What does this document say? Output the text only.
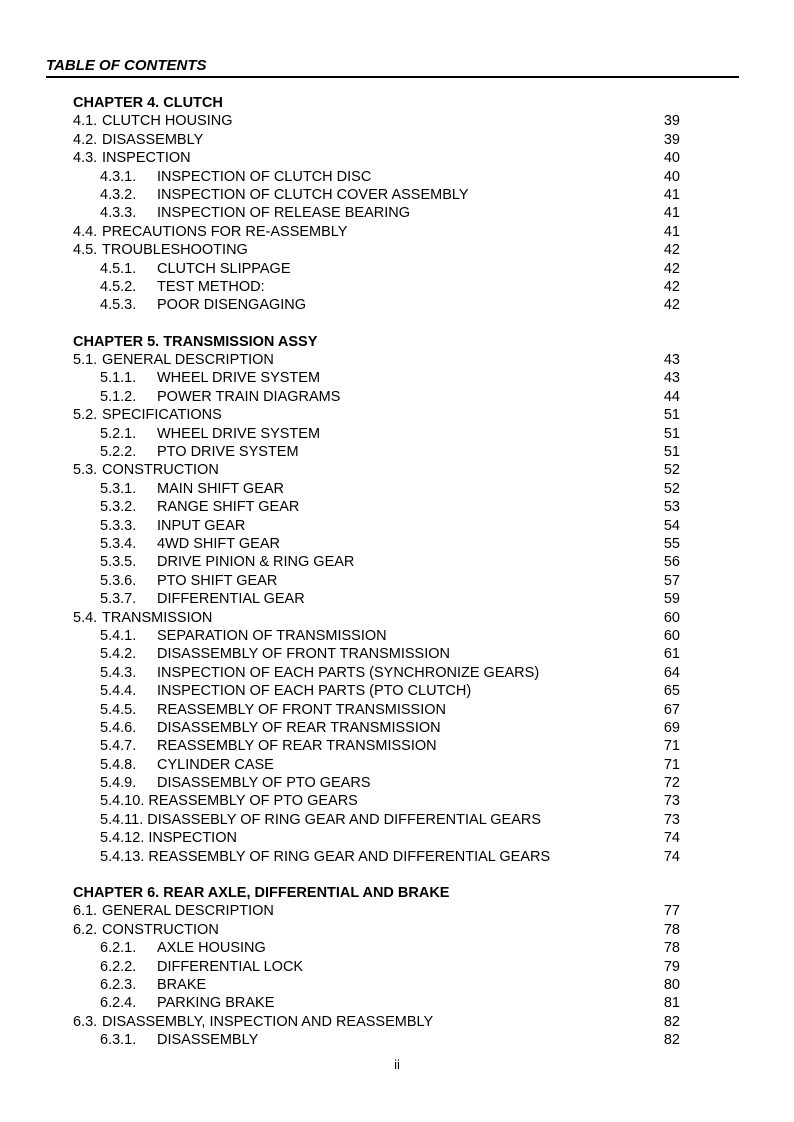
TABLE OF CONTENTS
CHAPTER 4. CLUTCH
4.1. CLUTCH HOUSING	39
4.2. DISASSEMBLY	39
4.3. INSPECTION	40
4.3.1.	INSPECTION OF CLUTCH DISC	40
4.3.2.	INSPECTION OF CLUTCH COVER ASSEMBLY	41
4.3.3.	INSPECTION OF RELEASE BEARING	41
4.4. PRECAUTIONS FOR RE-ASSEMBLY	41
4.5. TROUBLESHOOTING	42
4.5.1.	CLUTCH SLIPPAGE	42
4.5.2.	TEST METHOD:	42
4.5.3.	POOR DISENGAGING	42
CHAPTER 5. TRANSMISSION ASSY
5.1. GENERAL DESCRIPTION	43
5.1.1.	WHEEL DRIVE SYSTEM	43
5.1.2.	POWER TRAIN DIAGRAMS	44
5.2. SPECIFICATIONS	51
5.2.1.	WHEEL DRIVE SYSTEM	51
5.2.2.	PTO DRIVE SYSTEM	51
5.3. CONSTRUCTION	52
5.3.1.	MAIN SHIFT GEAR	52
5.3.2.	RANGE SHIFT GEAR	53
5.3.3.	INPUT GEAR	54
5.3.4.	4WD SHIFT GEAR	55
5.3.5.	DRIVE PINION & RING GEAR	56
5.3.6.	PTO SHIFT GEAR	57
5.3.7.	DIFFERENTIAL GEAR	59
5.4. TRANSMISSION	60
5.4.1.	SEPARATION OF TRANSMISSION	60
5.4.2.	DISASSEMBLY OF FRONT TRANSMISSION	61
5.4.3.	INSPECTION OF EACH PARTS (SYNCHRONIZE GEARS)	64
5.4.4.	INSPECTION OF EACH PARTS (PTO CLUTCH)	65
5.4.5.	REASSEMBLY OF FRONT TRANSMISSION	67
5.4.6.	DISASSEMBLY OF REAR TRANSMISSION	69
5.4.7.	REASSEMBLY OF REAR TRANSMISSION	71
5.4.8.	CYLINDER CASE	71
5.4.9.	DISASSEMBLY OF PTO GEARS	72
5.4.10. REASSEMBLY OF PTO GEARS	73
5.4.11. DISASSEBLY OF RING GEAR AND DIFFERENTIAL GEARS	73
5.4.12. INSPECTION	74
5.4.13. REASSEMBLY OF RING GEAR AND DIFFERENTIAL GEARS	74
CHAPTER 6. REAR AXLE, DIFFERENTIAL AND BRAKE
6.1. GENERAL DESCRIPTION	77
6.2. CONSTRUCTION	78
6.2.1.	AXLE HOUSING	78
6.2.2.	DIFFERENTIAL LOCK	79
6.2.3.	BRAKE	80
6.2.4.	PARKING BRAKE	81
6.3. DISASSEMBLY, INSPECTION AND REASSEMBLY	82
6.3.1.	DISASSEMBLY	82
ii
